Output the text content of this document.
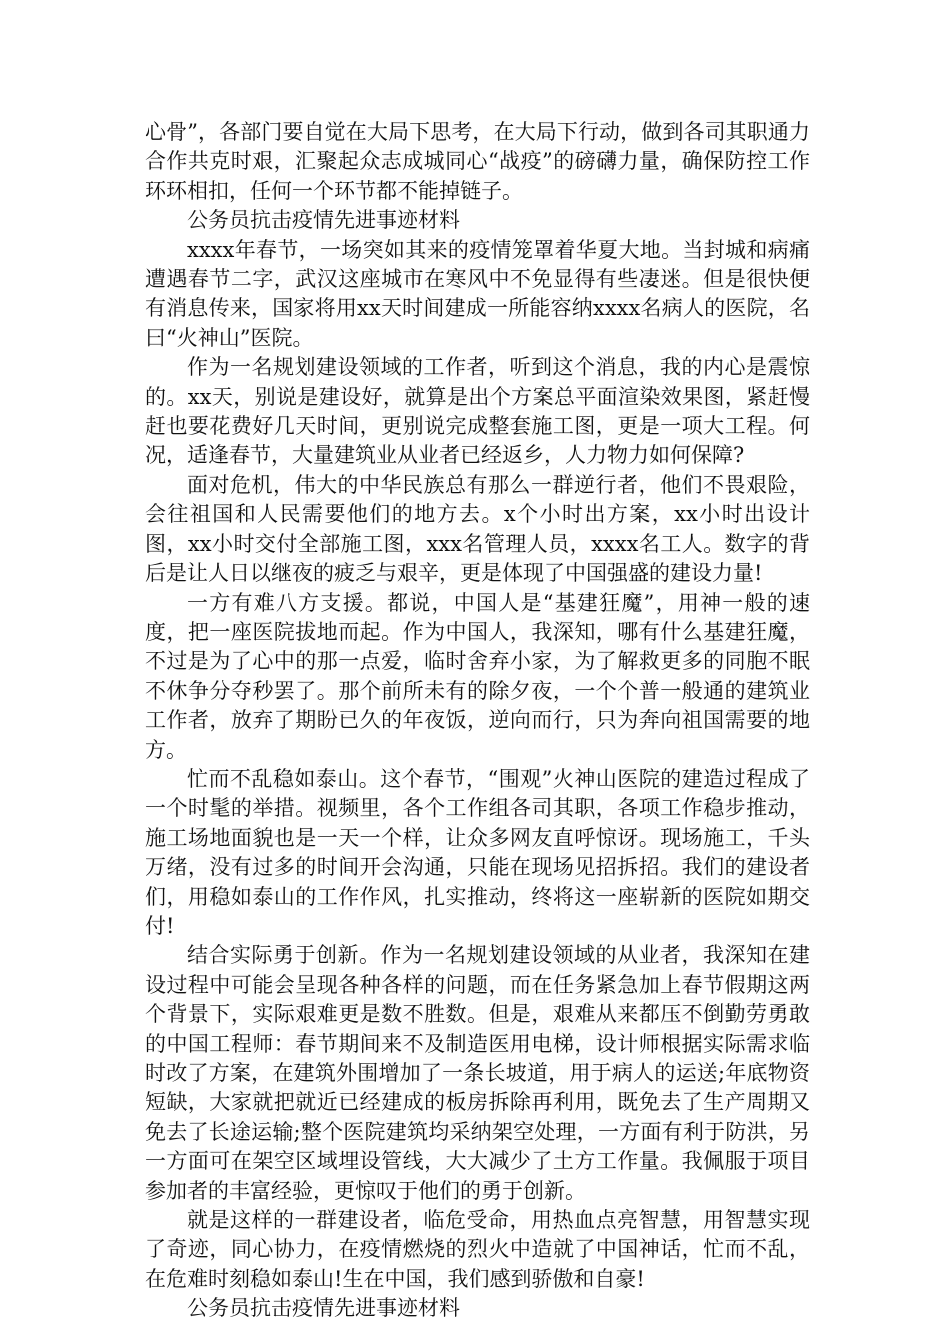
心骨”，各部门要自觉在大局下思考，在大局下行动，做到各司其职通力合作共克时艰，汇聚起众志成城同心“战疫”的磅礴力量，确保防控工作环环相扣，任何一个环节都不能掉链子。

公务员抗击疫情先进事迹材料

xxxx年春节，一场突如其来的疫情笼罩着华夏大地。当封城和病痛遭遇春节二字，武汉这座城市在寒风中不免显得有些凄迷。但是很快便有消息传来，国家将用xx天时间建成一所能容纳xxxx名病人的医院，名曰“火神山”医院。

作为一名规划建设领域的工作者，听到这个消息，我的内心是震惊的。xx天，别说是建设好，就算是出个方案总平面渲染效果图，紧赶慢赶也要花费好几天时间，更别说完成整套施工图，更是一项大工程。何况，适逢春节，大量建筑业从业者已经返乡，人力物力如何保障?

面对危机，伟大的中华民族总有那么一群逆行者，他们不畏艰险，会往祖国和人民需要他们的地方去。x个小时出方案，xx小时出设计图，xx小时交付全部施工图，xxx名管理人员，xxxx名工人。数字的背后是让人日以继夜的疲乏与艰辛，更是体现了中国强盛的建设力量!

一方有难八方支援。都说，中国人是“基建狂魔”，用神一般的速度，把一座医院拔地而起。作为中国人，我深知，哪有什么基建狂魔，不过是为了心中的那一点爱，临时舍弃小家，为了解救更多的同胞不眠不休争分夺秒罢了。那个前所未有的除夕夜，一个个普一般通的建筑业工作者，放弃了期盼已久的年夜饭，逆向而行，只为奔向祖国需要的地方。

忙而不乱稳如泰山。这个春节，“围观”火神山医院的建造过程成了一个时髦的举措。视频里，各个工作组各司其职，各项工作稳步推动，施工场地面貌也是一天一个样，让众多网友直呼惊讶。现场施工，千头万绪，没有过多的时间开会沟通，只能在现场见招拆招。我们的建设者们，用稳如泰山的工作作风，扎实推动，终将这一座崭新的医院如期交付!

结合实际勇于创新。作为一名规划建设领域的从业者，我深知在建设过程中可能会呈现各种各样的问题，而在任务紧急加上春节假期这两个背景下，实际艰难更是数不胜数。但是，艰难从来都压不倒勤劳勇敢的中国工程师：春节期间来不及制造医用电梯，设计师根据实际需求临时改了方案，在建筑外围增加了一条长坡道，用于病人的运送;年底物资短缺，大家就把就近已经建成的板房拆除再利用，既免去了生产周期又免去了长途运输;整个医院建筑均采纳架空处理，一方面有利于防洪，另一方面可在架空区域埋设管线，大大减少了土方工作量。我佩服于项目参加者的丰富经验，更惊叹于他们的勇于创新。

就是这样的一群建设者，临危受命，用热血点亮智慧，用智慧实现了奇迹，同心协力，在疫情燃烧的烈火中造就了中国神话，忙而不乱，在危难时刻稳如泰山!生在中国，我们感到骄傲和自豪!

公务员抗击疫情先进事迹材料
